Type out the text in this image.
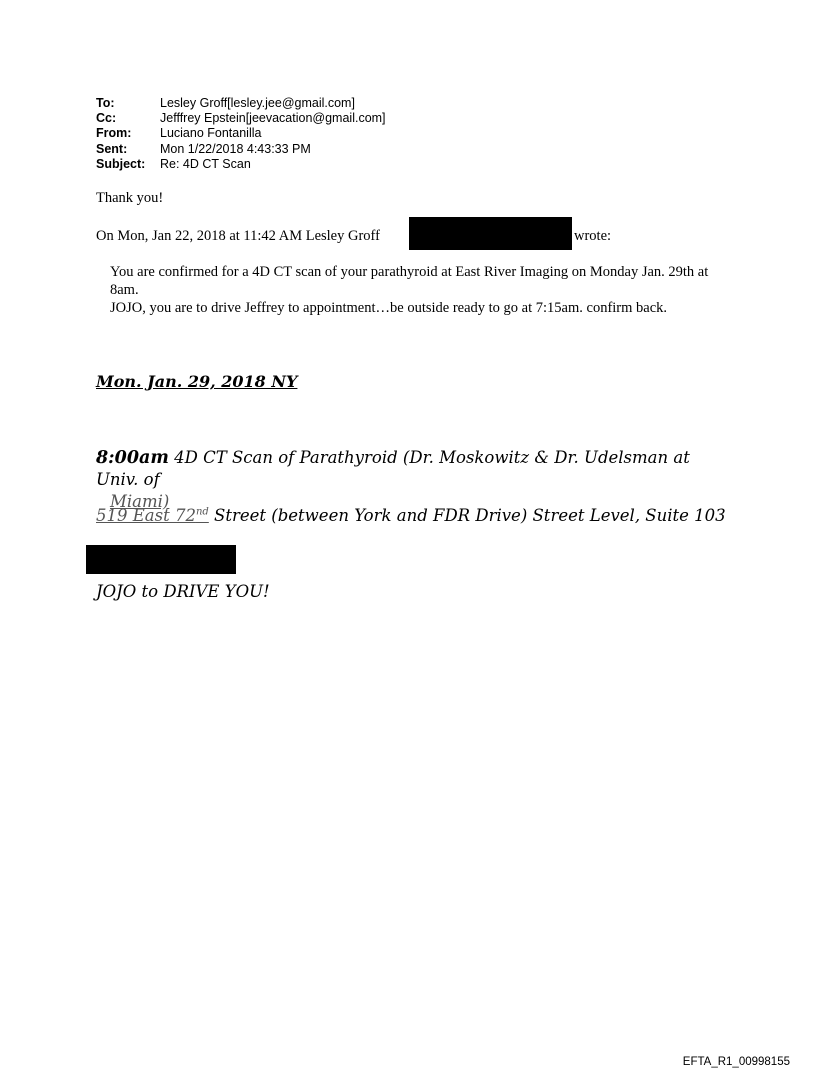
To:	Lesley Groff[lesley.jee@gmail.com]
Cc:	Jefffrey Epstein[jeevacation@gmail.com]
From:	Luciano Fontanilla
Sent:	Mon 1/22/2018 4:43:33 PM
Subject:	Re: 4D CT Scan
Thank you!
On Mon, Jan 22, 2018 at 11:42 AM Lesley Groff	wrote:
You are confirmed for a 4D CT scan of your parathyroid at East River Imaging on Monday Jan. 29th at 8am.
JOJO, you are to drive Jeffrey to appointment…be outside ready to go at 7:15am. confirm back.
Mon. Jan. 29, 2018 NY
8:00am 4D CT Scan of Parathyroid (Dr. Moskowitz & Dr. Udelsman at Univ. of
Miami)
519 East 72nd Street (between York and FDR Drive) Street Level, Suite 103
JOJO to DRIVE YOU!
EFTA_R1_00998155
